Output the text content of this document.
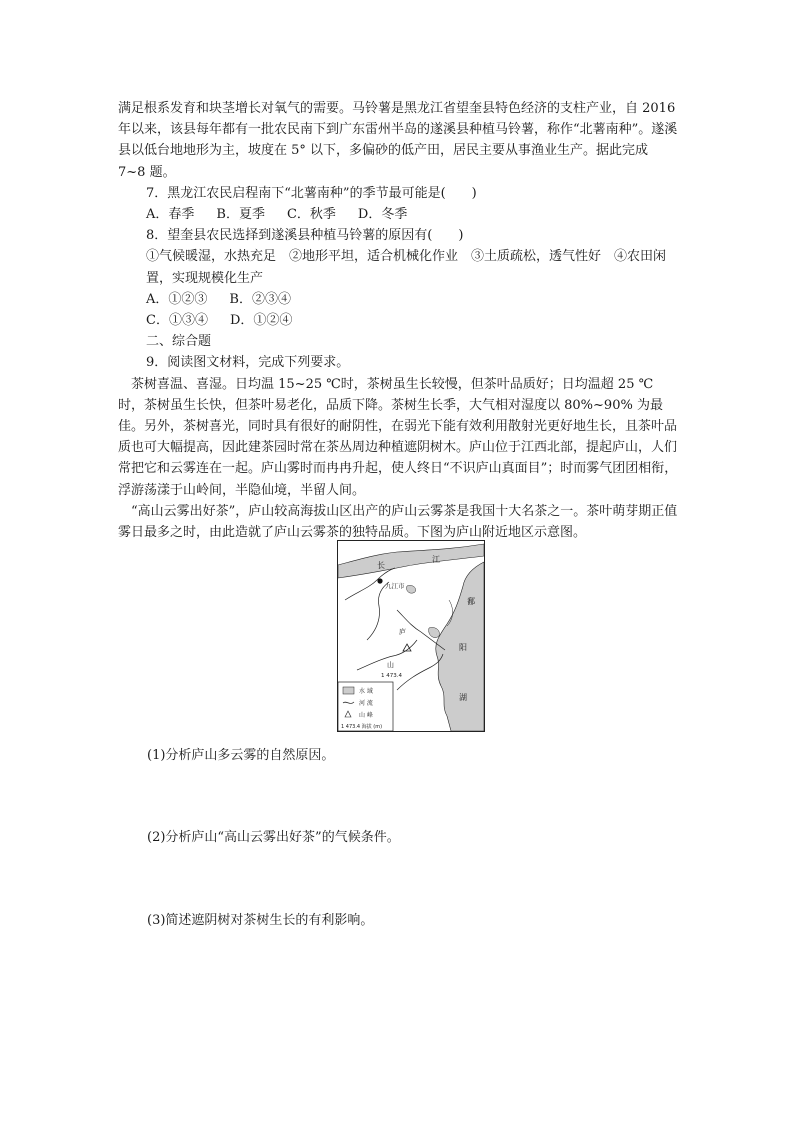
满足根系发育和块茎增长对氧气的需要。马铃薯是黑龙江省望奎县特色经济的支柱产业，自 2016 年以来，该县每年都有一批农民南下到广东雷州半岛的遂溪县种植马铃薯，称作“北薯南种”。遂溪县以低台地地形为主，坡度在 5° 以下，多偏砂的低产田，居民主要从事渔业生产。据此完成 7~8 题。

7．黑龙江农民启程南下“北薯南种”的季节最可能是(　　)

A．春季 B．夏季 C．秋季 D．冬季

8．望奎县农民选择到遂溪县种植马铃薯的原因有(　　)

①气候暖湿，水热充足　②地形平坦，适合机械化作业　③土质疏松，透气性好　④农田闲置，实现规模化生产

A．①②③ B．②③④

C．①③④ D．①②④

二、综合题

9．阅读图文材料，完成下列要求。

茶树喜温、喜湿。日均温 15~25 ℃时，茶树虽生长较慢，但茶叶品质好；日均温超 25 ℃时，茶树虽生长快，但茶叶易老化，品质下降。茶树生长季，大气相对湿度以 80%~90% 为最佳。另外，茶树喜光，同时具有很好的耐阴性，在弱光下能有效利用散射光更好地生长，且茶叶品质也可大幅提高，因此建茶园时常在茶丛周边种植遮阴树木。庐山位于江西北部，提起庐山，人们常把它和云雾连在一起。庐山雾时而冉冉升起，使人终日“不识庐山真面目”；时而雾气团团相衔，浮游荡漾于山岭间，半隐仙境，半留人间。

“高山云雾出好茶”，庐山较高海拔山区出产的庐山云雾茶是我国十大名茶之一。茶叶萌芽期正值雾日最多之时，由此造就了庐山云雾茶的独特品质。下图为庐山附近地区示意图。

江
长
九江市
庐
山
1 473.4
鄱
阳
湖
水 域
河 流
山 峰
1 473.4 海拔 (m)
(1)分析庐山多云雾的自然原因。
(2)分析庐山“高山云雾出好茶”的气候条件。
(3)简述遮阴树对茶树生长的有利影响。
